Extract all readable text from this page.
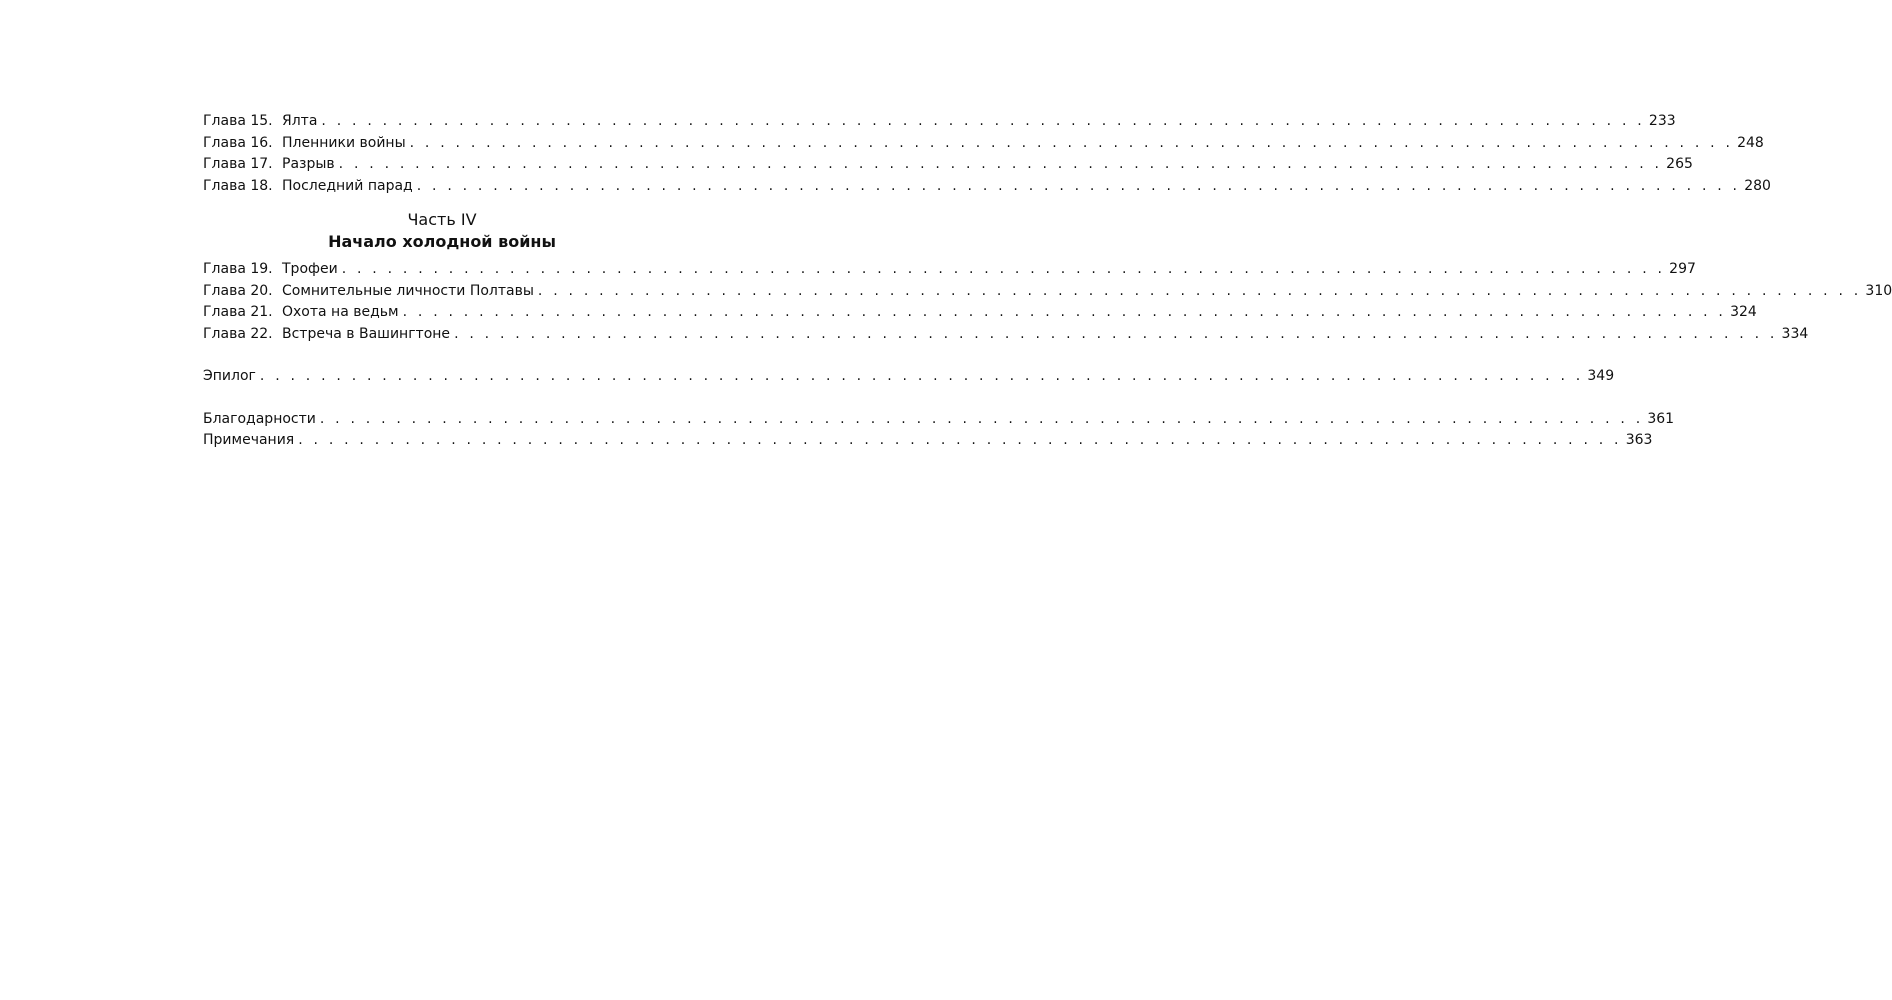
Глава 15. Ялта . . . . . . . . . . . . . . . . . . . . . . . . . . . . . . . . . . . . . . . . . . . . . . . . . . . . . . . . . . . . . . . . . . . . . . . . . . . . . . . . . . . . . . . 233
Глава 16. Пленники войны . . . . . . . . . . . . . . . . . . . . . . . . . . . . . . . . . . . . . . . . . . . . . . . . . . . . . . . . . . . . . . . . . . . . . . . . . . . . . . . . . . . . . . . 248
Глава 17. Разрыв . . . . . . . . . . . . . . . . . . . . . . . . . . . . . . . . . . . . . . . . . . . . . . . . . . . . . . . . . . . . . . . . . . . . . . . . . . . . . . . . . . . . . . . 265
Глава 18. Последний парад . . . . . . . . . . . . . . . . . . . . . . . . . . . . . . . . . . . . . . . . . . . . . . . . . . . . . . . . . . . . . . . . . . . . . . . . . . . . . . . . . . . . . . . 280
Часть IV
Начало холодной войны
Глава 19. Трофеи . . . . . . . . . . . . . . . . . . . . . . . . . . . . . . . . . . . . . . . . . . . . . . . . . . . . . . . . . . . . . . . . . . . . . . . . . . . . . . . . . . . . . . . 297
Глава 20. Сомнительные личности Полтавы . . . . . . . . . . . . . . . . . . . . . . . . . . . . . . . . . . . . . . . . . . . . . . . . . . . . . . . . . . . . . . . . . . . . . . . . . . . . . . . . . . . . . . . 310
Глава 21. Охота на ведьм . . . . . . . . . . . . . . . . . . . . . . . . . . . . . . . . . . . . . . . . . . . . . . . . . . . . . . . . . . . . . . . . . . . . . . . . . . . . . . . . . . . . . . . 324
Глава 22. Встреча в Вашингтоне . . . . . . . . . . . . . . . . . . . . . . . . . . . . . . . . . . . . . . . . . . . . . . . . . . . . . . . . . . . . . . . . . . . . . . . . . . . . . . . . . . . . . . . 334
Эпилог . . . . . . . . . . . . . . . . . . . . . . . . . . . . . . . . . . . . . . . . . . . . . . . . . . . . . . . . . . . . . . . . . . . . . . . . . . . . . . . . . . . . . . . 349
Благодарности . . . . . . . . . . . . . . . . . . . . . . . . . . . . . . . . . . . . . . . . . . . . . . . . . . . . . . . . . . . . . . . . . . . . . . . . . . . . . . . . . . . . . . . 361
Примечания . . . . . . . . . . . . . . . . . . . . . . . . . . . . . . . . . . . . . . . . . . . . . . . . . . . . . . . . . . . . . . . . . . . . . . . . . . . . . . . . . . . . . . . 363
